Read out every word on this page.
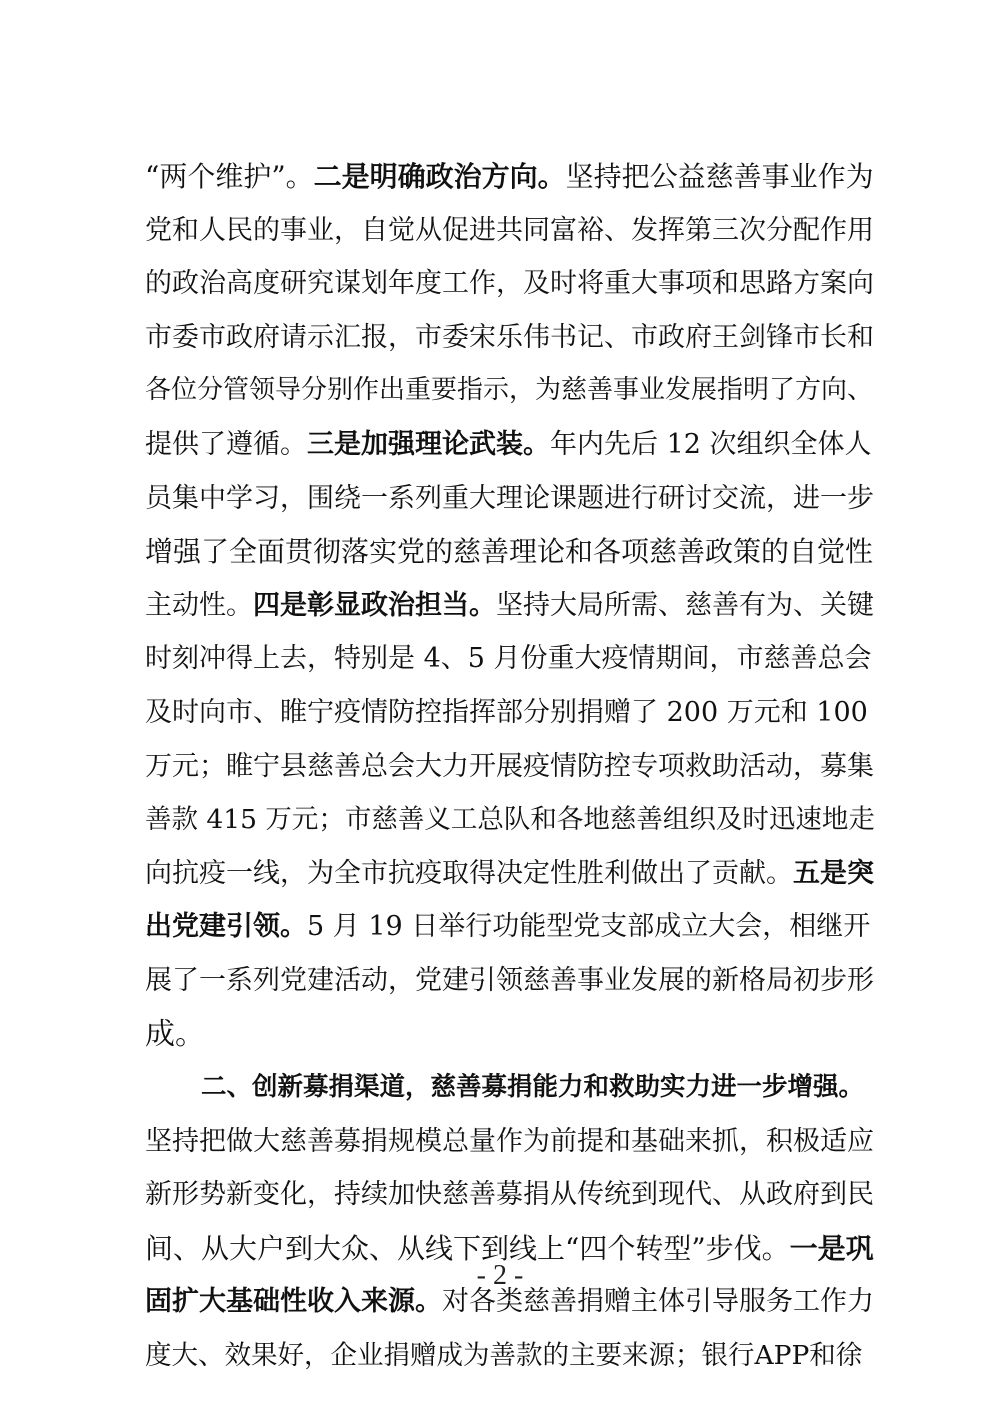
“两个维护”。二是明确政治方向。坚持把公益慈善事业作为
党和人民的事业，自觉从促进共同富裕、发挥第三次分配作用
的政治高度研究谋划年度工作，及时将重大事项和思路方案向
市委市政府请示汇报，市委宋乐伟书记、市政府王剑锋市长和
各位分管领导分别作出重要指示，为慈善事业发展指明了方向、
提供了遵循。三是加强理论武装。年内先后 12 次组织全体人
员集中学习，围绕一系列重大理论课题进行研讨交流，进一步
增强了全面贯彻落实党的慈善理论和各项慈善政策的自觉性
主动性。四是彰显政治担当。坚持大局所需、慈善有为、关键
时刻冲得上去，特别是 4、5 月份重大疫情期间，市慈善总会
及时向市、睢宁疫情防控指挥部分别捐赠了 200 万元和 100
万元；睢宁县慈善总会大力开展疫情防控专项救助活动，募集
善款 415 万元；市慈善义工总队和各地慈善组织及时迅速地走
向抗疫一线，为全市抗疫取得决定性胜利做出了贡献。五是突
出党建引领。5 月 19 日举行功能型党支部成立大会，相继开
展了一系列党建活动，党建引领慈善事业发展的新格局初步形
成。
二、创新募捐渠道，慈善募捐能力和救助实力进一步增强。
坚持把做大慈善募捐规模总量作为前提和基础来抓，积极适应
新形势新变化，持续加快慈善募捐从传统到现代、从政府到民
间、从大户到大众、从线下到线上“四个转型”步伐。一是巩
固扩大基础性收入来源。对各类慈善捐赠主体引导服务工作力
度大、效果好，企业捐赠成为善款的主要来源；银行APP和徐
- 2 -
